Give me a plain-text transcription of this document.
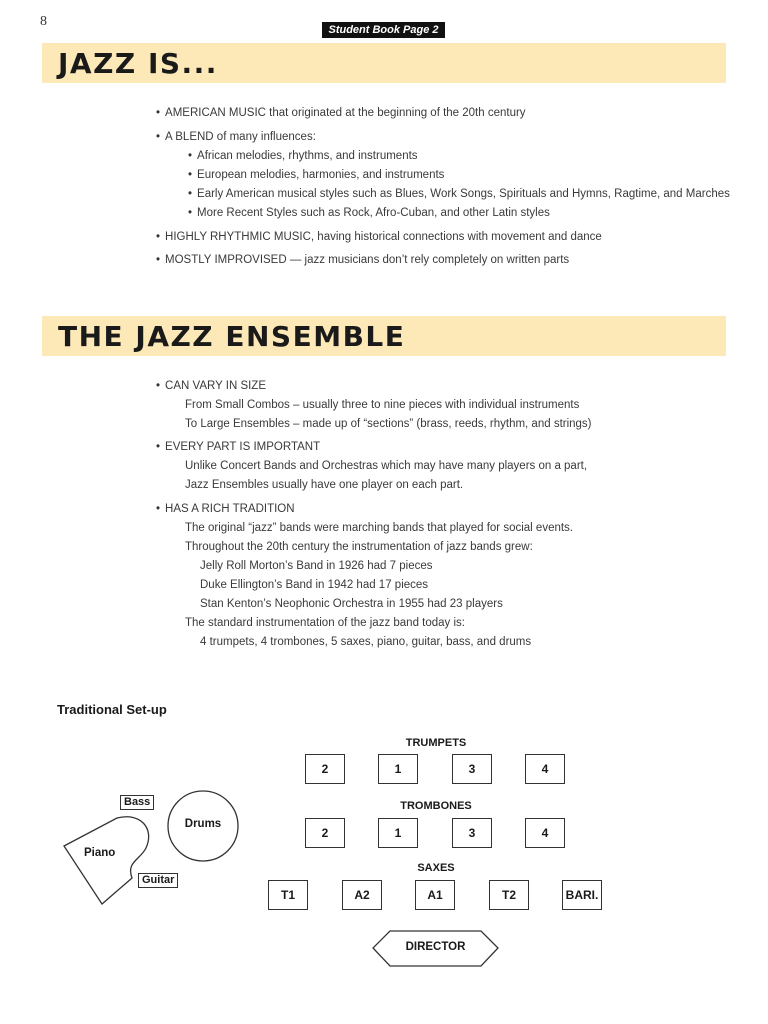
8
Student Book Page 2
JAZZ IS...
• AMERICAN MUSIC that originated at the beginning of the 20th century
• A BLEND of many influences:
• African melodies, rhythms, and instruments
• European melodies, harmonies, and instruments
• Early American musical styles such as Blues, Work Songs, Spirituals and Hymns, Ragtime, and Marches
• More Recent Styles such as Rock, Afro-Cuban, and other Latin styles
• HIGHLY RHYTHMIC MUSIC, having historical connections with movement and dance
• MOSTLY IMPROVISED — jazz musicians don’t rely completely on written parts
THE JAZZ ENSEMBLE
• CAN VARY IN SIZE
From Small Combos – usually three to nine pieces with individual instruments
To Large Ensembles – made up of “sections” (brass, reeds, rhythm, and strings)
• EVERY PART IS IMPORTANT
Unlike Concert Bands and Orchestras which may have many players on a part,
Jazz Ensembles usually have one player on each part.
• HAS A RICH TRADITION
The original “jazz” bands were marching bands that played for social events.
Throughout the 20th century the instrumentation of jazz bands grew:
Jelly Roll Morton’s Band in 1926 had 7 pieces
Duke Ellington’s Band in 1942 had 17 pieces
Stan Kenton’s Neophonic Orchestra in 1955 had 23 players
The standard instrumentation of the jazz band today is:
4 trumpets, 4 trombones, 5 saxes, piano, guitar, bass, and drums
Traditional Set-up
TRUMPETS
2	1	3	4
TROMBONES
2	1	3	4
SAXES
T1	A2	A1	T2	BARI.
Bass
Drums
Piano
Guitar
DIRECTOR
